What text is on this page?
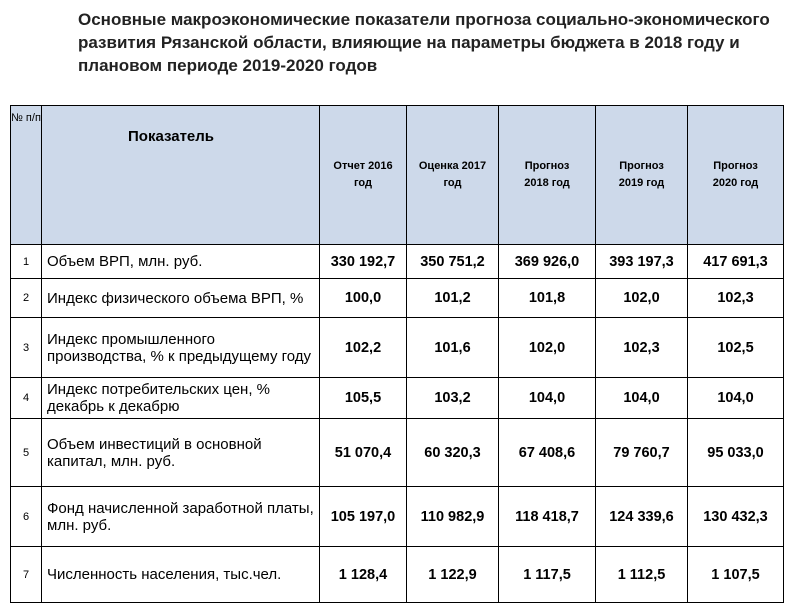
Основные макроэкономические показатели прогноза социально-экономического развития Рязанской области, влияющие на параметры бюджета в 2018 году и плановом периоде 2019-2020 годов
№ п/п	Показатель	Отчет 2016 год	Оценка 2017 год	Прогноз 2018 год	Прогноз 2019 год	Прогноз 2020 год
1	Объем ВРП, млн. руб.	330 192,7	350 751,2	369 926,0	393 197,3	417 691,3
2	Индекс физического объема ВРП, %	100,0	101,2	101,8	102,0	102,3
3	Индекс промышленного производства, % к предыдущему году	102,2	101,6	102,0	102,3	102,5
4	Индекс потребительских цен, % декабрь к декабрю	105,5	103,2	104,0	104,0	104,0
5	Объем инвестиций в основной капитал, млн. руб.	51 070,4	60 320,3	67 408,6	79 760,7	95 033,0
6	Фонд начисленной заработной платы, млн. руб.	105 197,0	110 982,9	118 418,7	124 339,6	130 432,3
7	Численность населения, тыс.чел.	1 128,4	1 122,9	1 117,5	1 112,5	1 107,5
